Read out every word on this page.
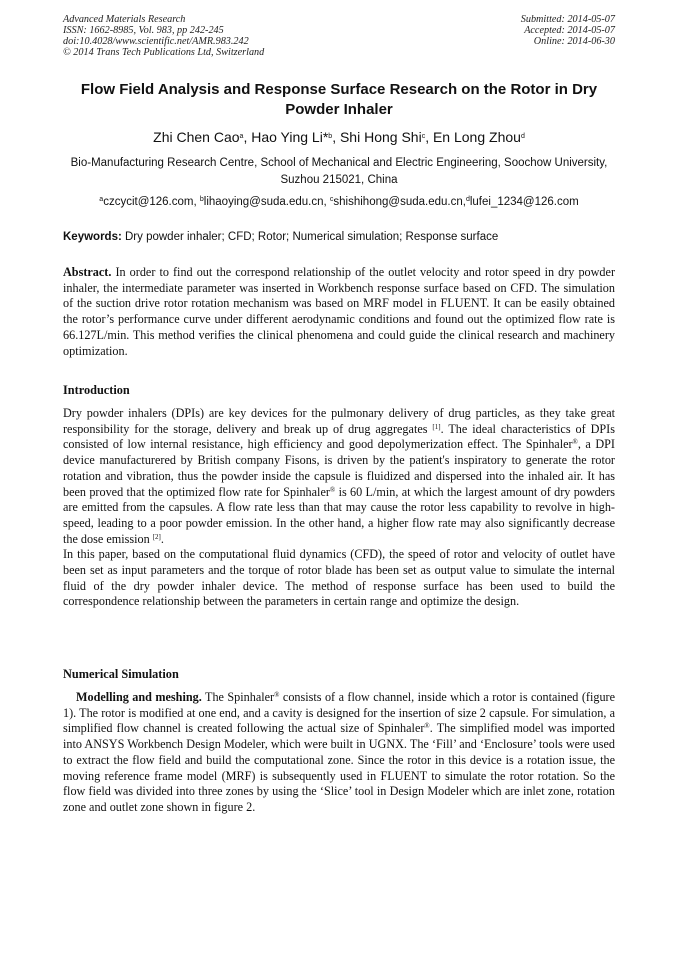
Advanced Materials Research
ISSN: 1662-8985, Vol. 983, pp 242-245
doi:10.4028/www.scientific.net/AMR.983.242
© 2014 Trans Tech Publications Ltd, Switzerland
Submitted: 2014-05-07
Accepted: 2014-05-07
Online: 2014-06-30
Flow Field Analysis and Response Surface Research on the Rotor in Dry Powder Inhaler
Zhi Chen Cao$^a$, Hao Ying Li*$^b$, Shi Hong Shi$^c$, En Long Zhou$^d$
Bio-Manufacturing Research Centre, School of Mechanical and Electric Engineering, Soochow University, Suzhou 215021, China
$^a$czcycit@126.com, $^b$lihaoying@suda.edu.cn, $^c$shishihong@suda.edu.cn,$^d$lufei_1234@126.com
Keywords: Dry powder inhaler; CFD; Rotor; Numerical simulation; Response surface
Abstract. In order to find out the correspond relationship of the outlet velocity and rotor speed in dry powder inhaler, the intermediate parameter was inserted in Workbench response surface based on CFD. The simulation of the suction drive rotor rotation mechanism was based on MRF model in FLUENT. It can be easily obtained the rotor’s performance curve under different aerodynamic conditions and found out the optimized flow rate is 66.127L/min. This method verifies the clinical phenomena and could guide the clinical research and machinery optimization.
Introduction

Dry powder inhalers (DPIs) are key devices for the pulmonary delivery of drug particles, as they take great responsibility for the storage, delivery and break up of drug aggregates [1]. The ideal characteristics of DPIs consisted of low internal resistance, high efficiency and good depolymerization effect. The Spinhaler®, a DPI device manufacturered by British company Fisons, is driven by the patient's inspiratory to generate the rotor rotation and vibration, thus the powder inside the capsule is fluidized and dispersed into the inhaled air. It has been proved that the optimized flow rate for Spinhaler® is 60 L/min, at which the largest amount of dry powders are emitted from the capsules. A flow rate less than that may cause the rotor less capability to revolve in high-speed, leading to a poor powder emission. In the other hand, a higher flow rate may also significantly decrease the dose emission [2].

In this paper, based on the computational fluid dynamics (CFD), the speed of rotor and velocity of outlet have been set as input parameters and the torque of rotor blade has been set as output value to simulate the internal fluid of the dry powder inhaler device. The method of response surface has been used to build the correspondence relationship between the parameters in certain range and optimize the design.

Numerical Simulation

Modelling and meshing. The Spinhaler® consists of a flow channel, inside which a rotor is contained (figure 1). The rotor is modified at one end, and a cavity is designed for the insertion of size 2 capsule. For simulation, a simplified flow channel is created following the actual size of Spinhaler®. The simplified model was imported into ANSYS Workbench Design Modeler, which were built in UGNX. The ‘Fill’ and ‘Enclosure’ tools were used to extract the flow field and build the computational zone. Since the rotor in this device is a rotation issue, the moving reference frame model (MRF) is subsequently used in FLUENT to simulate the rotor rotation. So the flow field was divided into three zones by using the ‘Slice’ tool in Design Modeler which are inlet zone, rotation zone and outlet zone shown in figure 2.
